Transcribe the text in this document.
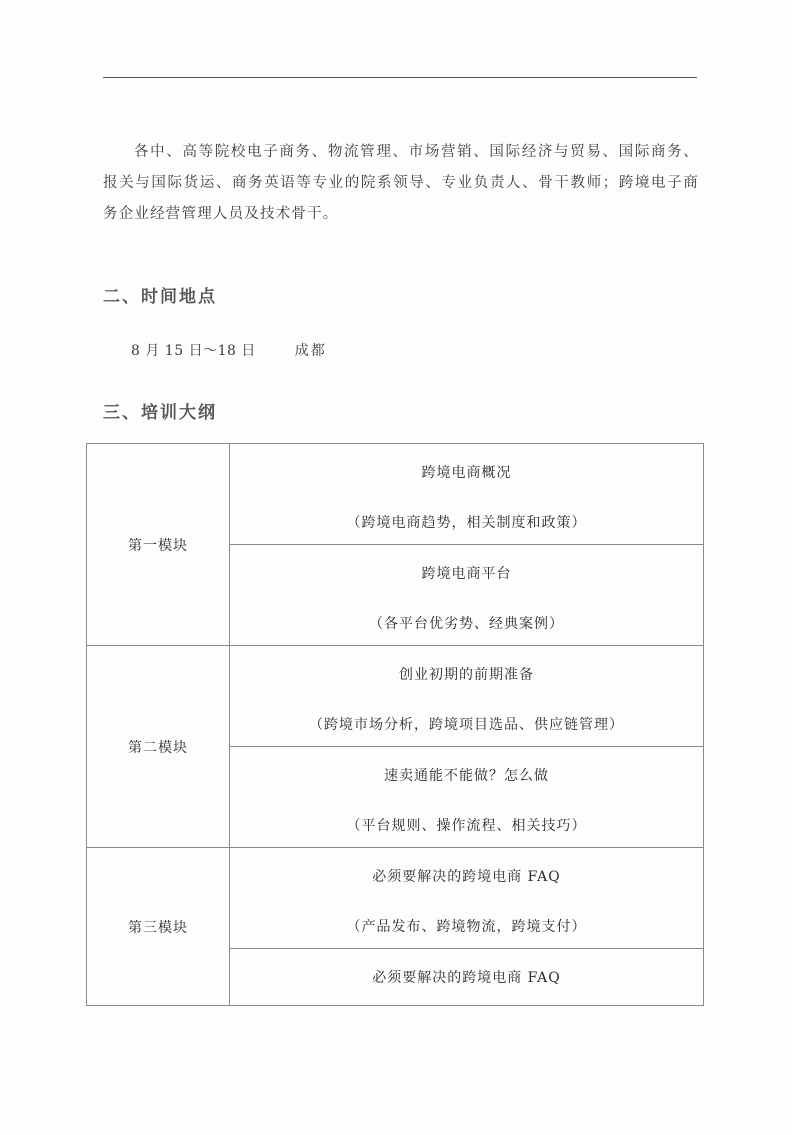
各中、高等院校电子商务、物流管理、市场营销、国际经济与贸易、国际商务、报关与国际货运、商务英语等专业的院系领导、专业负责人、骨干教师；跨境电子商务企业经营管理人员及技术骨干。

二、时间地点
8 月 15 日～18 日	成都
三、培训大纲
第一模块	跨境电商概况
（跨境电商趋势，相关制度和政策）

	跨境电商平台
（各平台优劣势、经典案例）

第二模块	创业初期的前期准备
（跨境市场分析，跨境项目选品、供应链管理）

	速卖通能不能做？怎么做
（平台规则、操作流程、相关技巧）

第三模块	必须要解决的跨境电商 FAQ
（产品发布、跨境物流，跨境支付）

	必须要解决的跨境电商 FAQ
